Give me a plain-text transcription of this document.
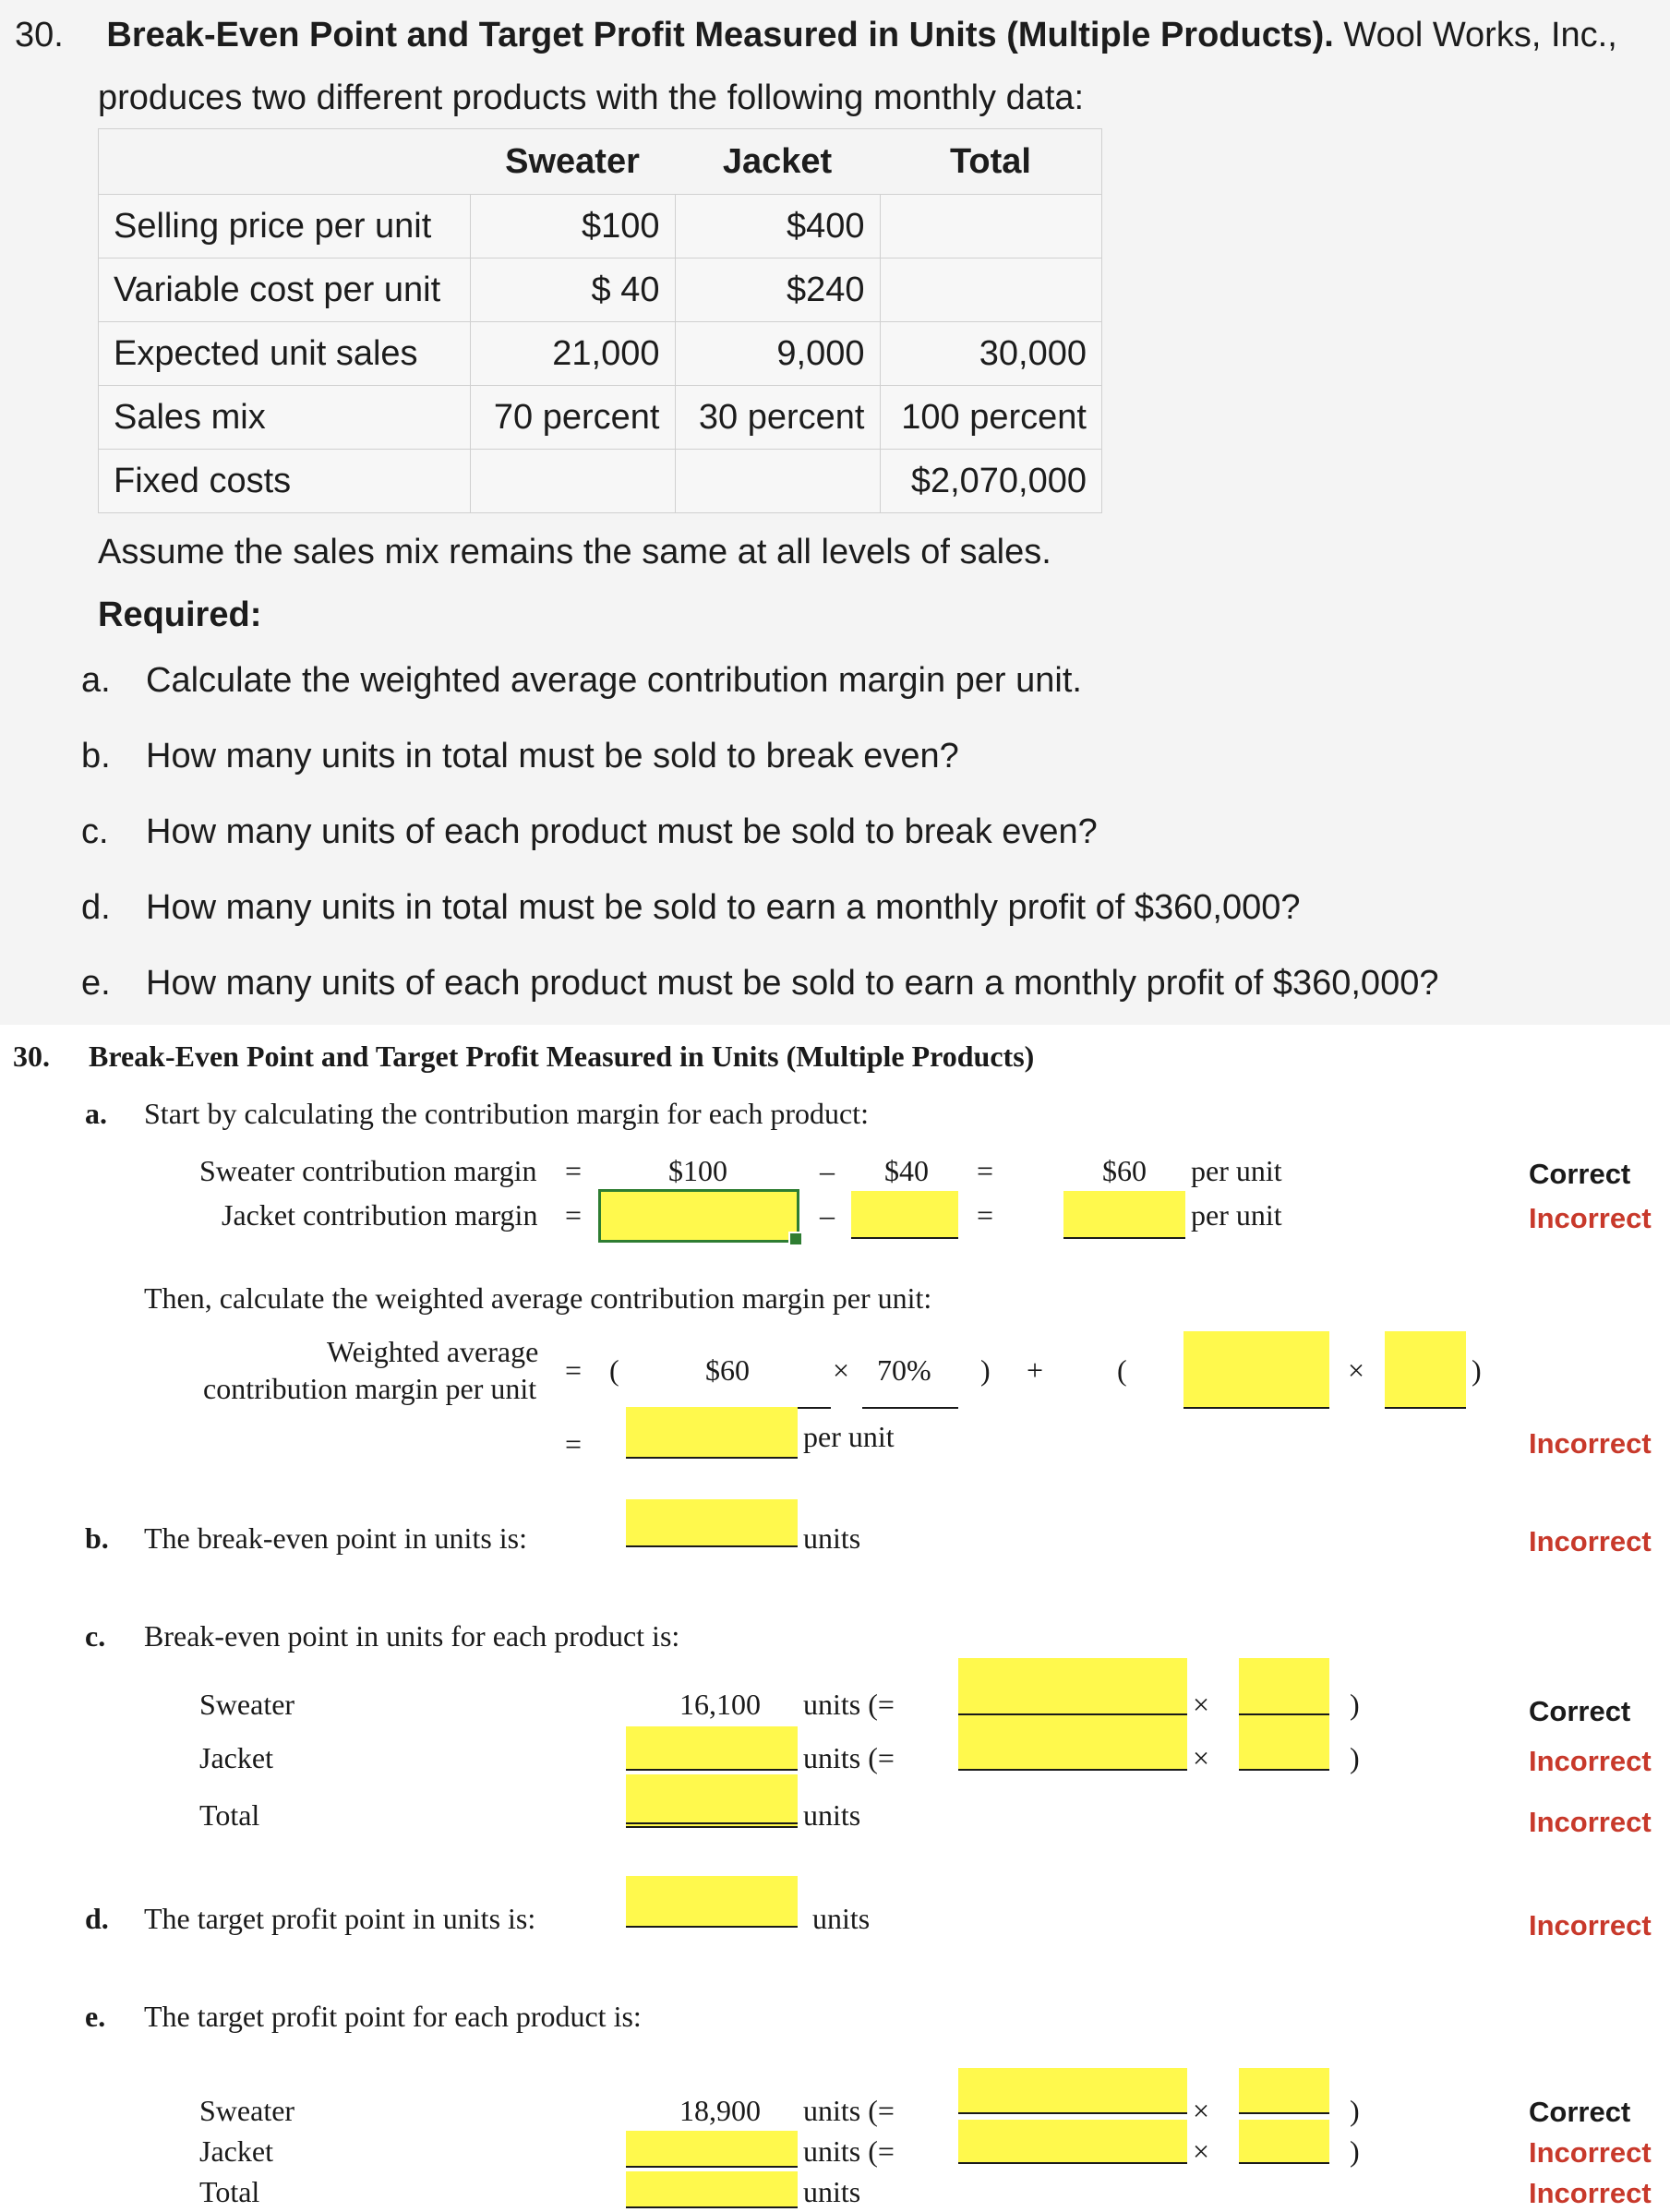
30. Break-Even Point and Target Profit Measured in Units (Multiple Products). Wool Works, Inc.,
produces two different products with the following monthly data:
	Sweater	Jacket	Total
Selling price per unit	$100	$400	
Variable cost per unit	$ 40	$240	
Expected unit sales	21,000	9,000	30,000
Sales mix	70 percent	30 percent	100 percent
Fixed costs			$2,070,000
Assume the sales mix remains the same at all levels of sales.
Required:
a. Calculate the weighted average contribution margin per unit.
b. How many units in total must be sold to break even?
c. How many units of each product must be sold to break even?
d. How many units in total must be sold to earn a monthly profit of $360,000?
e. How many units of each product must be sold to earn a monthly profit of $360,000?
30. Break-Even Point and Target Profit Measured in Units (Multiple Products)
a. Start by calculating the contribution margin for each product:
Sweater contribution margin =	$100	– $40 =	$60 per unit	Correct
Jacket contribution margin =	–	=	per unit	Incorrect
Then, calculate the weighted average contribution margin per unit:
Weighted average
contribution margin per unit
= (	$60	× 70% ) + (	×	)
=	per unit	Incorrect
b. The break-even point in units is:	units	Incorrect
c. Break-even point in units for each product is:
Sweater	16,100 units (=	×	)	Correct
Jacket	units (=	×	)	Incorrect
Total	units	Incorrect
d. The target profit point in units is:	units	Incorrect
e. The target profit point for each product is:
Sweater	18,900 units (=	×	)	Correct
Jacket	units (=	×	)	Incorrect
Total	units	Incorrect
